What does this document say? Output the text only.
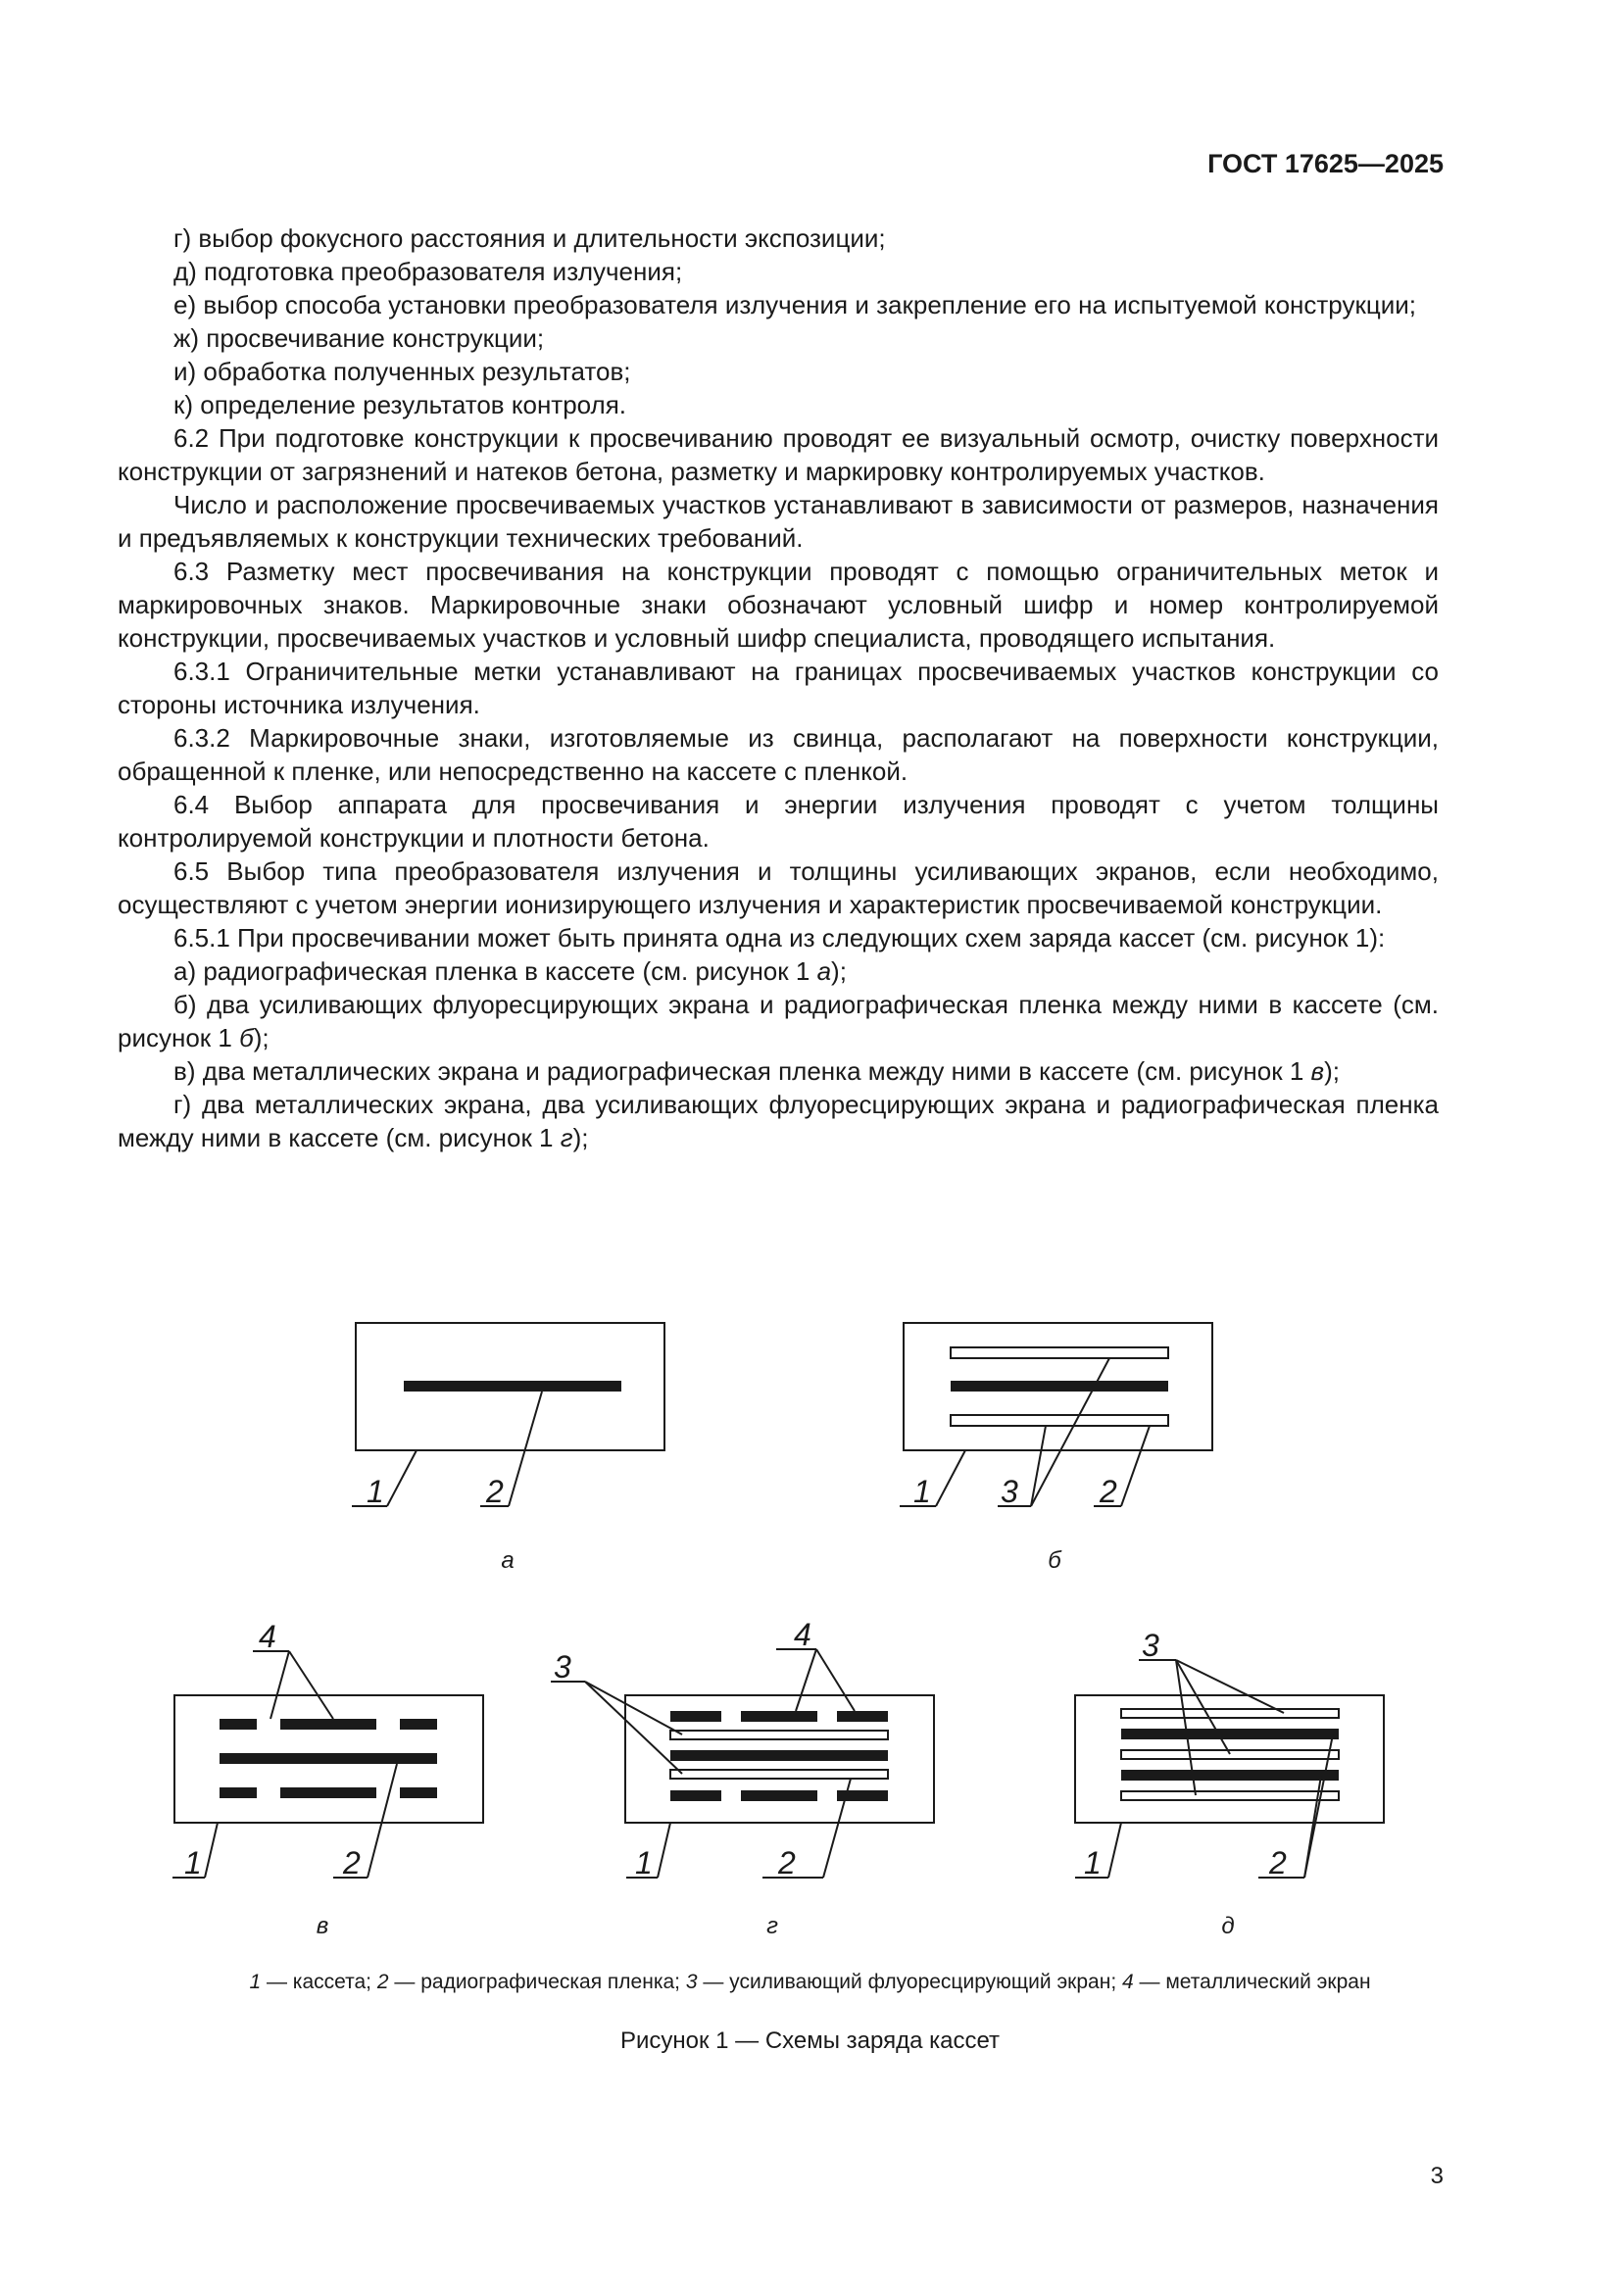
ГОСТ 17625—2025

г) выбор фокусного расстояния и длительности экспозиции;

д) подготовка преобразователя излучения;

е) выбор способа установки преобразователя излучения и закрепление его на испытуемой конструкции;

ж) просвечивание конструкции;

и) обработка полученных результатов;

к) определение результатов контроля.

6.2 При подготовке конструкции к просвечиванию проводят ее визуальный осмотр, очистку поверхности конструкции от загрязнений и натеков бетона, разметку и маркировку контролируемых участков.

Число и расположение просвечиваемых участков устанавливают в зависимости от размеров, назначения и предъявляемых к конструкции технических требований.

6.3 Разметку мест просвечивания на конструкции проводят с помощью ограничительных меток и маркировочных знаков. Маркировочные знаки обозначают условный шифр и номер контролируемой конструкции, просвечиваемых участков и условный шифр специалиста, проводящего испытания.

6.3.1 Ограничительные метки устанавливают на границах просвечиваемых участков конструкции со стороны источника излучения.

6.3.2 Маркировочные знаки, изготовляемые из свинца, располагают на поверхности конструкции, обращенной к пленке, или непосредственно на кассете с пленкой.

6.4 Выбор аппарата для просвечивания и энергии излучения проводят с учетом толщины контролируемой конструкции и плотности бетона.

6.5 Выбор типа преобразователя излучения и толщины усиливающих экранов, если необходимо, осуществляют с учетом энергии ионизирующего излучения и характеристик просвечиваемой конструкции.

6.5.1 При просвечивании может быть принята одна из следующих схем заряда кассет (см. рисунок 1):

а) радиографическая пленка в кассете (см. рисунок 1 а);

б) два усиливающих флуоресцирующих экрана и радиографическая пленка между ними в кассете (см. рисунок 1 б);

в) два металлических экрана и радиографическая пленка между ними в кассете (см. рисунок 1 в);

г) два металлических экрана, два усиливающих флуоресцирующих экрана и радиографическая пленка между ними в кассете (см. рисунок 1 г);

1	2	1 3	2
4
1	2
4
3
1	2
3
1	2
а	б
в	г	д
1 — кассета; 2 — радиографическая пленка; 3 — усиливающий флуоресцирующий экран; 4 — металлический экран
Рисунок 1 — Схемы заряда кассет
3
